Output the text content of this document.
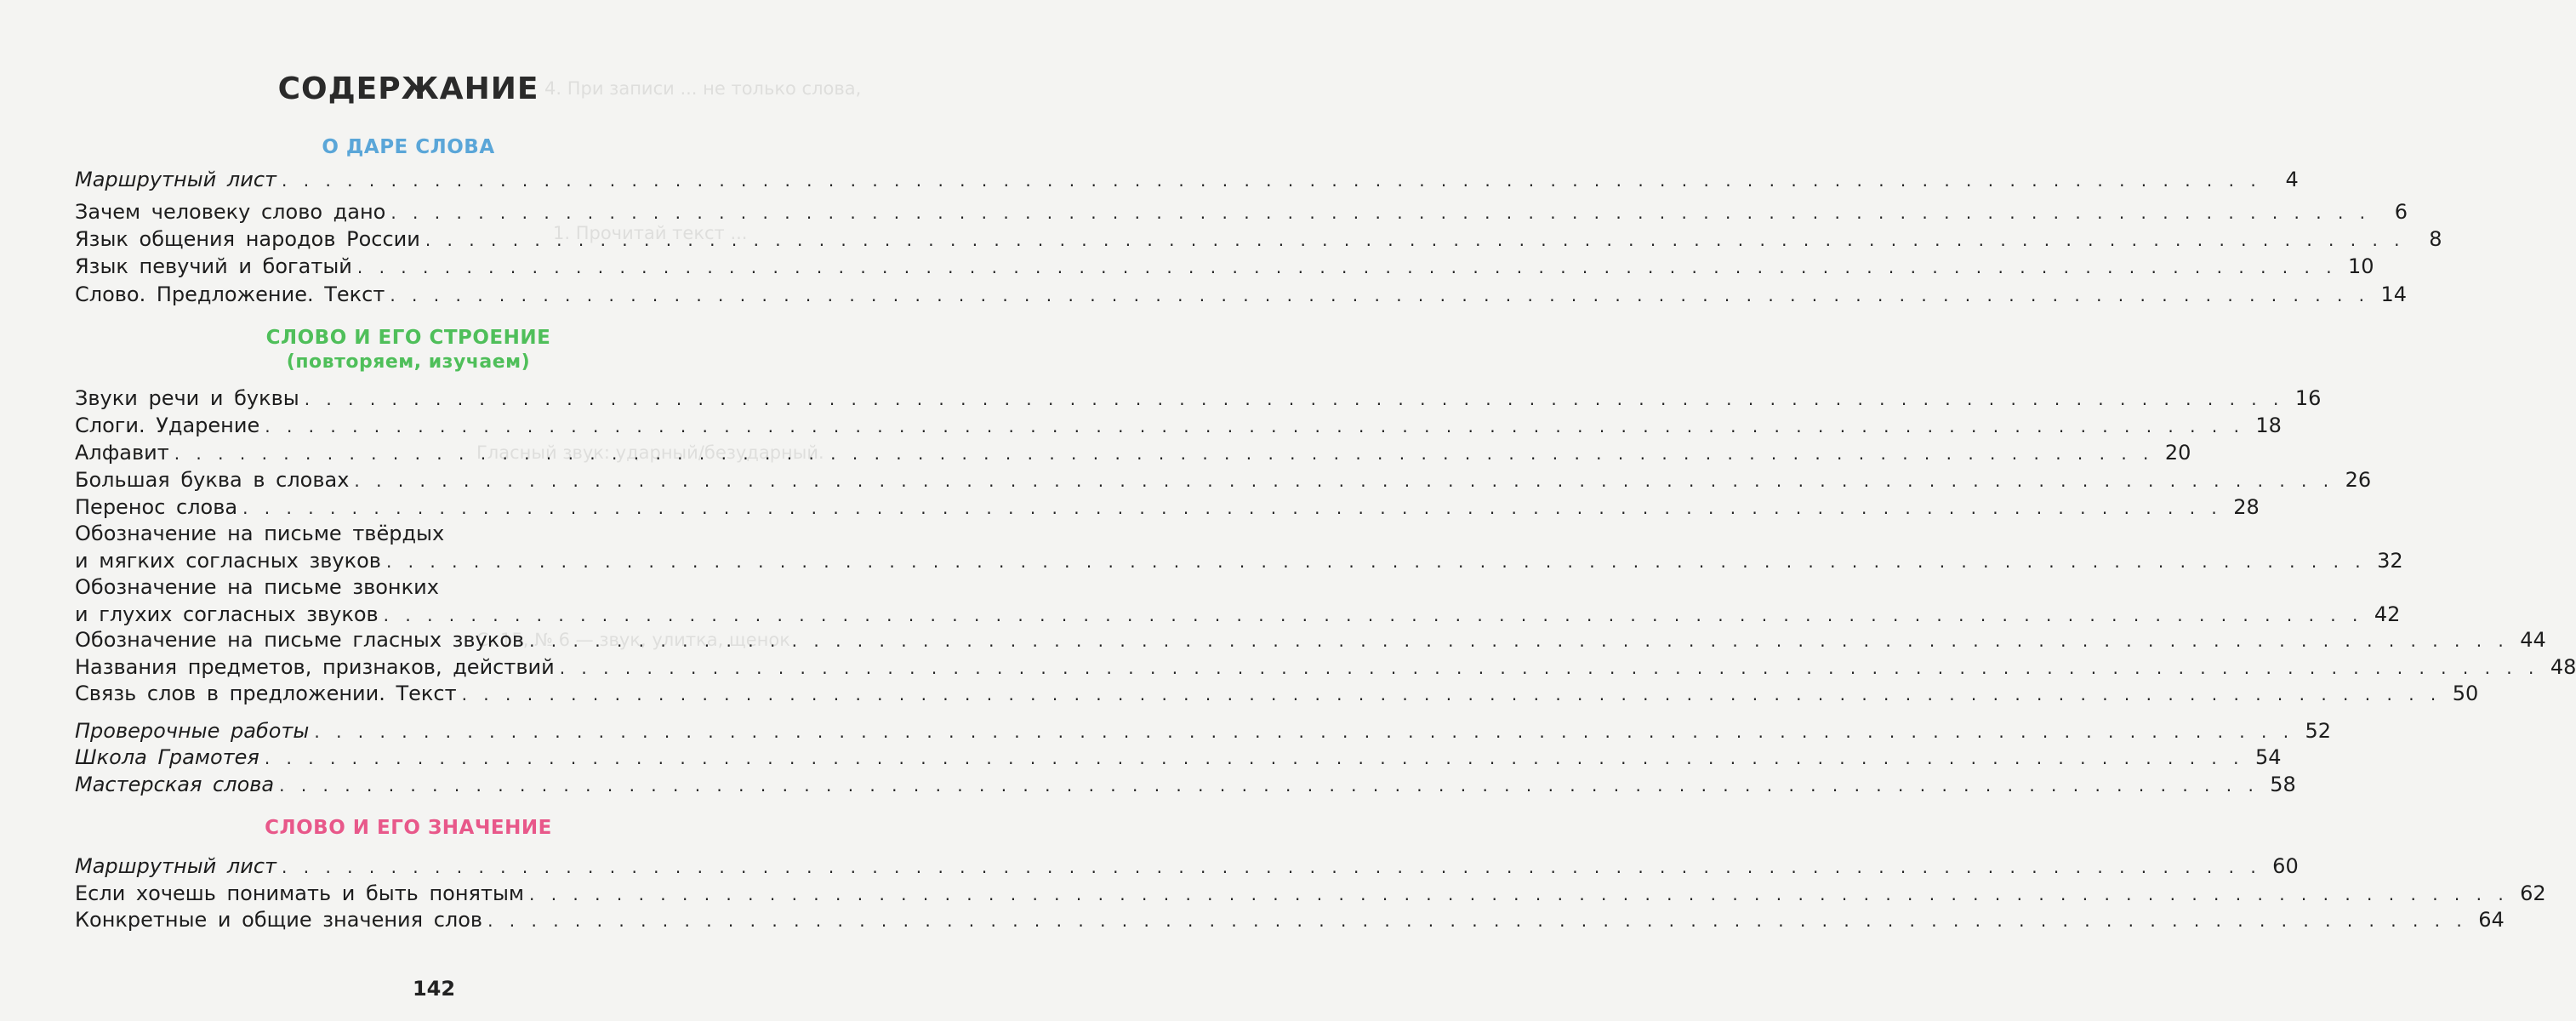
4. При записи ... не только слова,
1. Прочитай текст ...
Гласный звук: ударный/безударный.
С. 15, № 6 — звук, улитка, щенок
СОДЕРЖАНИЕ
О ДАРЕ СЛОВА
Маршрутный лист . . .	4
Зачем человеку слово дано . . .	6
Язык общения народов России . . .	8
Язык певучий и богатый . . .	10
Слово. Предложение. Текст . . .	14
СЛОВО И ЕГО СТРОЕНИЕ
(повторяем, изучаем)
Звуки речи и буквы . . .	16
Слоги. Ударение . . .	18
Алфавит . . .	20
Большая буква в словах . . .	26
Перенос слова . . .	28
Обозначение на письме твёрдых
и мягких согласных звуков . . .	32
Обозначение на письме звонких
и глухих согласных звуков . . .	42
Обозначение на письме гласных звуков . . .	44
Названия предметов, признаков, действий . . .	48
Связь слов в предложении. Текст . . .	50
Проверочные работы . . .	52
Школа Грамотея . . .	54
Мастерская слова . . .	58
СЛОВО И ЕГО ЗНАЧЕНИЕ
Маршрутный лист . . .	60
Если хочешь понимать и быть понятым . . .	62
Конкретные и общие значения слов . . .	64
142
